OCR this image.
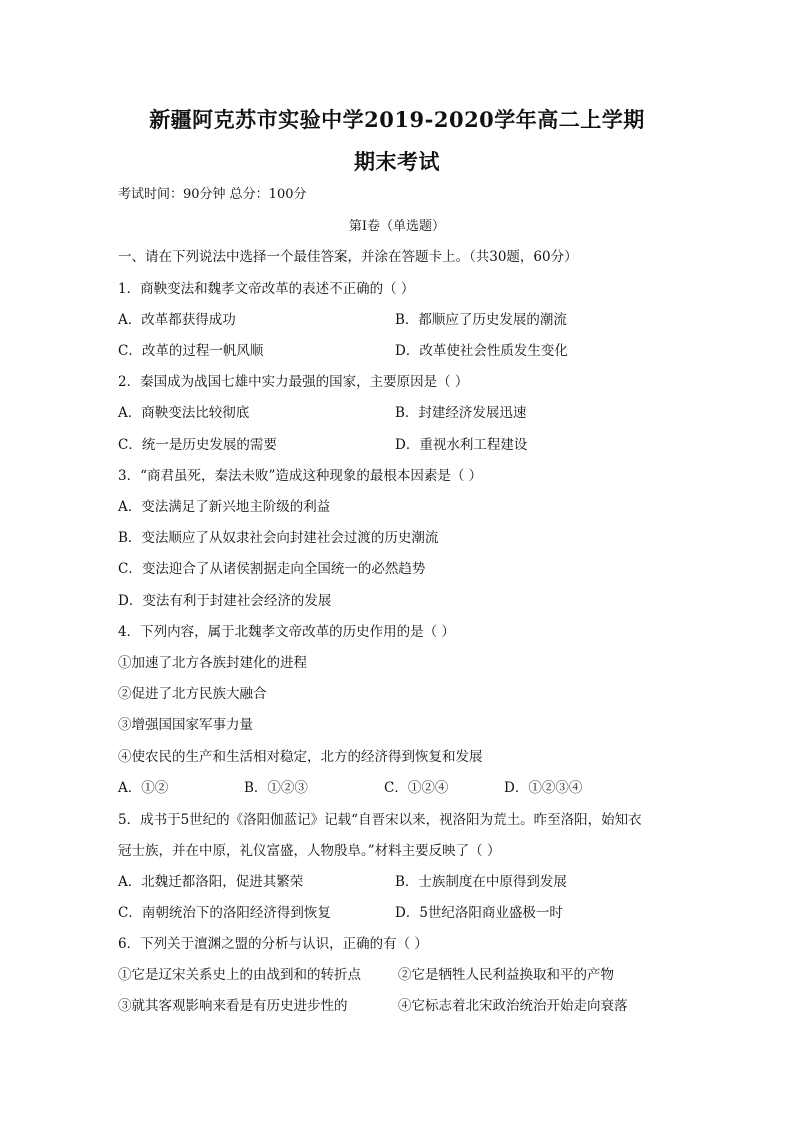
新疆阿克苏市实验中学2019-2020学年高二上学期
期末考试
考试时间：90分钟 总分：100分
第Ⅰ卷（单选题）
一、请在下列说法中选择一个最佳答案，并涂在答题卡上。（共30题，60分）
1．商鞅变法和魏孝文帝改革的表述不正确的（ ）
A．改革都获得成功	B．都顺应了历史发展的潮流
C．改革的过程一帆风顺	D．改革使社会性质发生变化
2．秦国成为战国七雄中实力最强的国家，主要原因是（ ）
A．商鞅变法比较彻底	B．封建经济发展迅速
C．统一是历史发展的需要	D．重视水利工程建设
3．“商君虽死，秦法未败”造成这种现象的最根本因素是（ ）
A．变法满足了新兴地主阶级的利益
B．变法顺应了从奴隶社会向封建社会过渡的历史潮流
C．变法迎合了从诸侯割据走向全国统一的必然趋势
D．变法有利于封建社会经济的发展
4．下列内容，属于北魏孝文帝改革的历史作用的是（ ）
①加速了北方各族封建化的进程
②促进了北方民族大融合
③增强国国家军事力量
④使农民的生产和生活相对稳定，北方的经济得到恢复和发展
A．①②	B．①②③	C．①②④	D．①②③④
5．成书于5世纪的《洛阳伽蓝记》记载“自晋宋以来，视洛阳为荒土。昨至洛阳，始知衣
冠士族，并在中原，礼仪富盛，人物殷阜。”材料主要反映了（ ）
A．北魏迁都洛阳，促进其繁荣	B．士族制度在中原得到发展
C．南朝统治下的洛阳经济得到恢复	D．5世纪洛阳商业盛极一时
6．下列关于澶渊之盟的分析与认识，正确的有（ ）
①它是辽宋关系史上的由战到和的转折点	②它是牺牲人民利益换取和平的产物
③就其客观影响来看是有历史进步性的	④它标志着北宋政治统治开始走向衰落
